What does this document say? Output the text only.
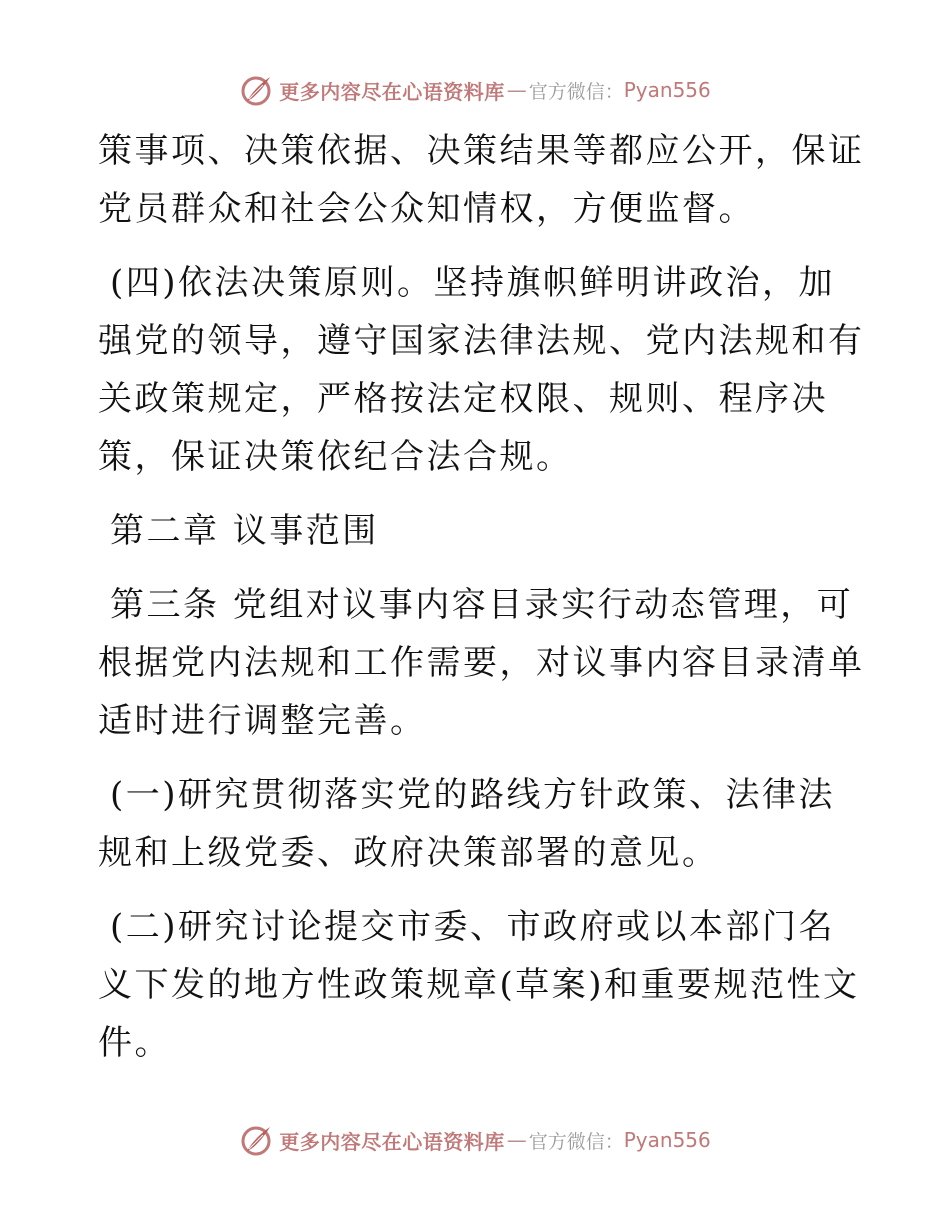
更多内容尽在心语资料库 — 官方微信： Pyan556

策事项、决策依据、决策结果等都应公开，保证党员群众和社会公众知情权，方便监督。

(四)依法决策原则。坚持旗帜鲜明讲政治，加强党的领导，遵守国家法律法规、党内法规和有关政策规定，严格按法定权限、规则、程序决策，保证决策依纪合法合规。

第二章 议事范围

第三条 党组对议事内容目录实行动态管理，可根据党内法规和工作需要，对议事内容目录清单适时进行调整完善。

(一)研究贯彻落实党的路线方针政策、法律法规和上级党委、政府决策部署的意见。

(二)研究讨论提交市委、市政府或以本部门名义下发的地方性政策规章(草案)和重要规范性文件。

更多内容尽在心语资料库 — 官方微信： Pyan556
